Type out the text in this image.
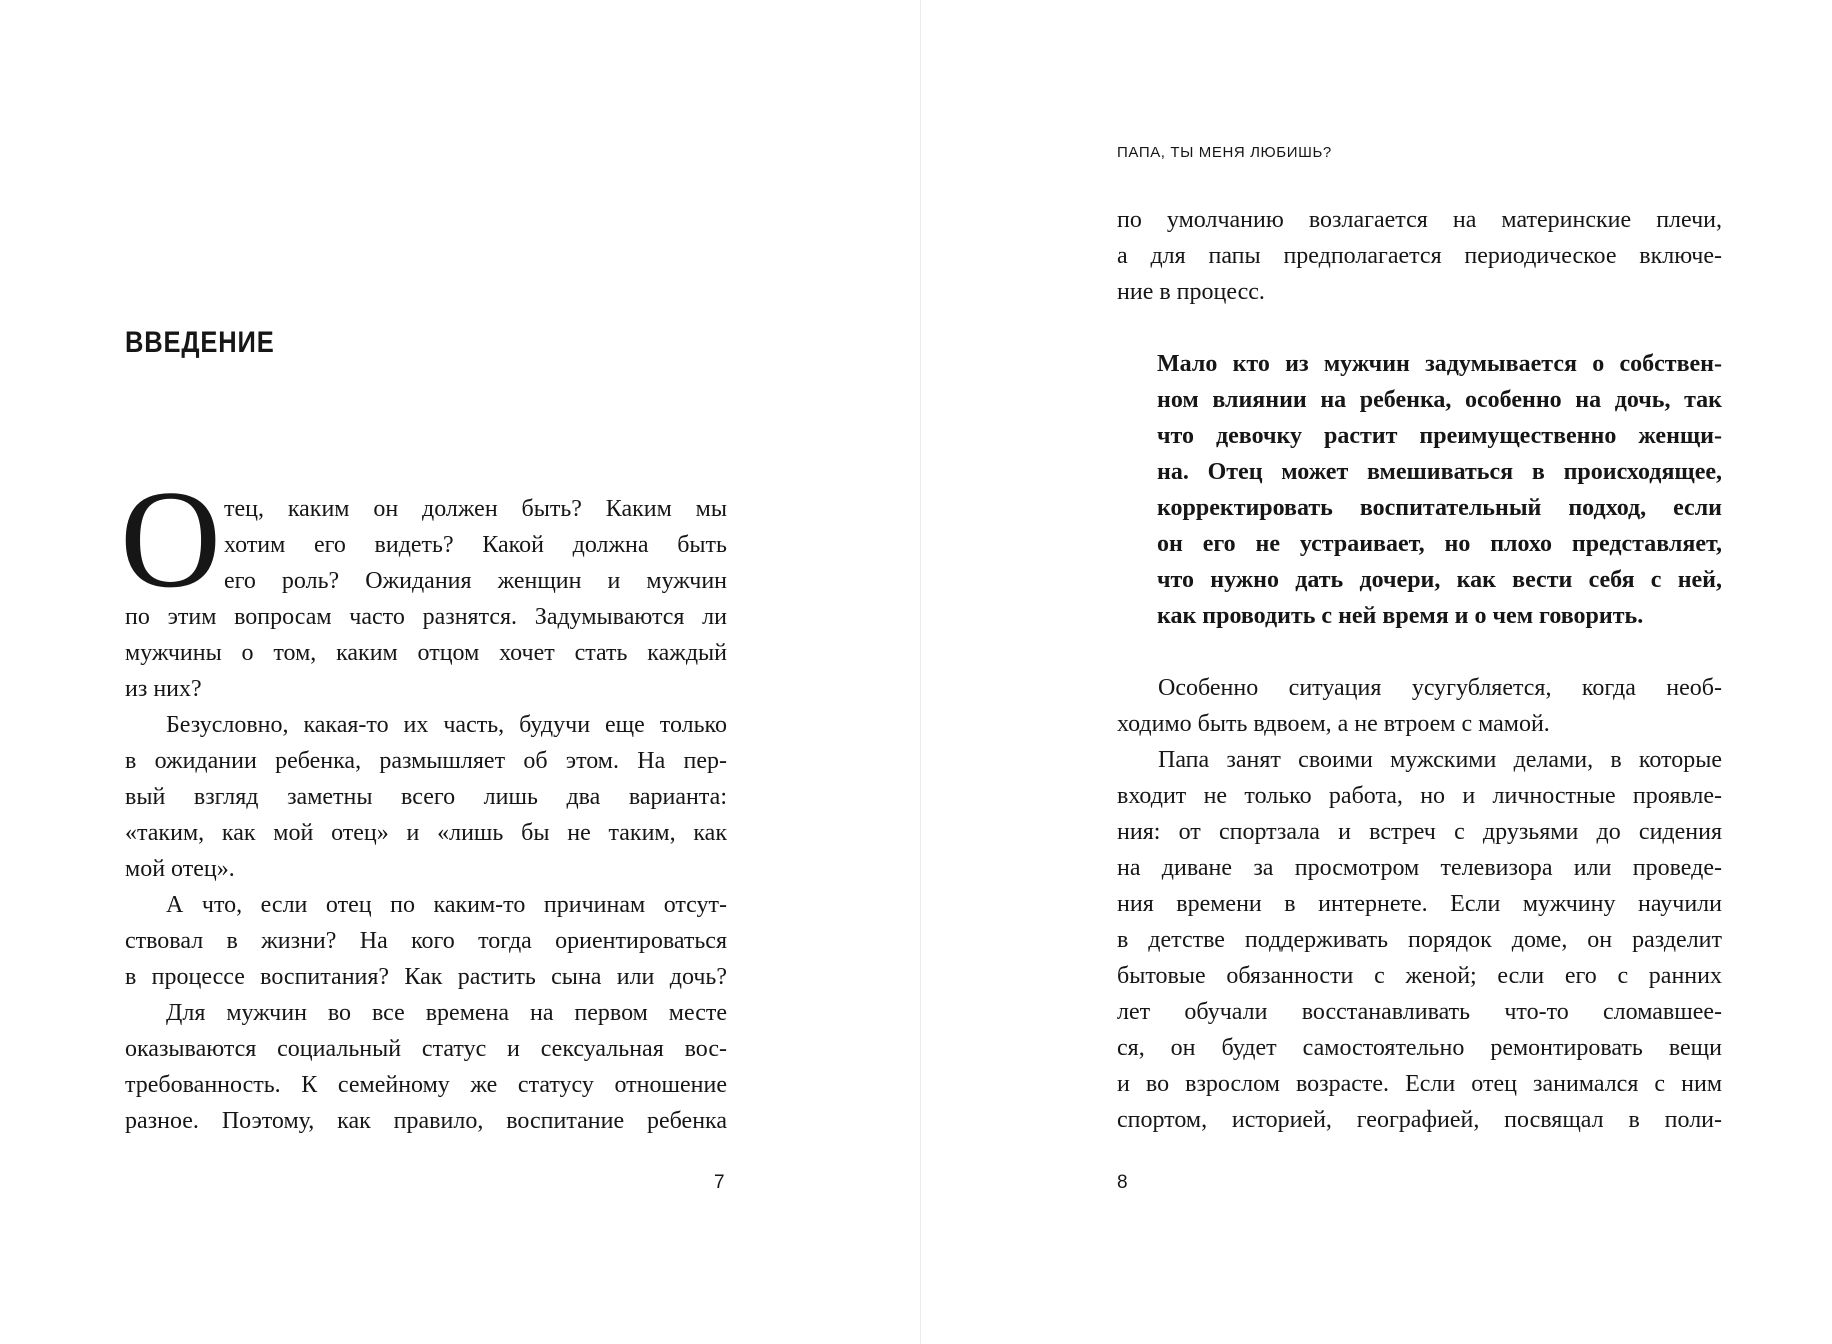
ВВЕДЕНИЕ
О
7
тец, каким он должен быть? Каким мы
хотим его видеть? Какой должна быть
его роль? Ожидания женщин и мужчин
по этим вопросам часто разнятся. Задумываются ли
мужчины о том, каким отцом хочет стать каждый
из них?
Безусловно, какая-то их часть, будучи еще только
в ожидании ребенка, размышляет об этом. На пер-
вый взгляд заметны всего лишь два варианта:
«таким, как мой отец» и «лишь бы не таким, как
мой отец».
А что, если отец по каким-то причинам отсут-
ствовал в жизни? На кого тогда ориентироваться
в процессе воспитания? Как растить сына или дочь?
Для мужчин во все времена на первом месте
оказываются социальный статус и сексуальная вос-
требованность. К семейному же статусу отношение
разное. Поэтому, как правило, воспитание ребенка
ПАПА, ТЫ МЕНЯ ЛЮБИШЬ?
8
по умолчанию возлагается на материнские плечи,
а для папы предполагается периодическое включе-
ние в процесс.
Мало кто из мужчин задумывается о собствен-
ном влиянии на ребенка, особенно на дочь, так
что девочку растит преимущественно женщи-
на. Отец может вмешиваться в происходящее,
корректировать воспитательный подход, если
он его не устраивает, но плохо представляет,
что нужно дать дочери, как вести себя с ней,
как проводить с ней время и о чем говорить.
Особенно ситуация усугубляется, когда необ-
ходимо быть вдвоем, а не втроем с мамой.
Папа занят своими мужскими делами, в которые
входит не только работа, но и личностные проявле-
ния: от спортзала и встреч с друзьями до сидения
на диване за просмотром телевизора или проведе-
ния времени в интернете. Если мужчину научили
в детстве поддерживать порядок доме, он разделит
бытовые обязанности с женой; если его с ранних
лет обучали восстанавливать что-то сломавшее-
ся, он будет самостоятельно ремонтировать вещи
и во взрослом возрасте. Если отец занимался с ним
спортом, историей, географией, посвящал в поли-
